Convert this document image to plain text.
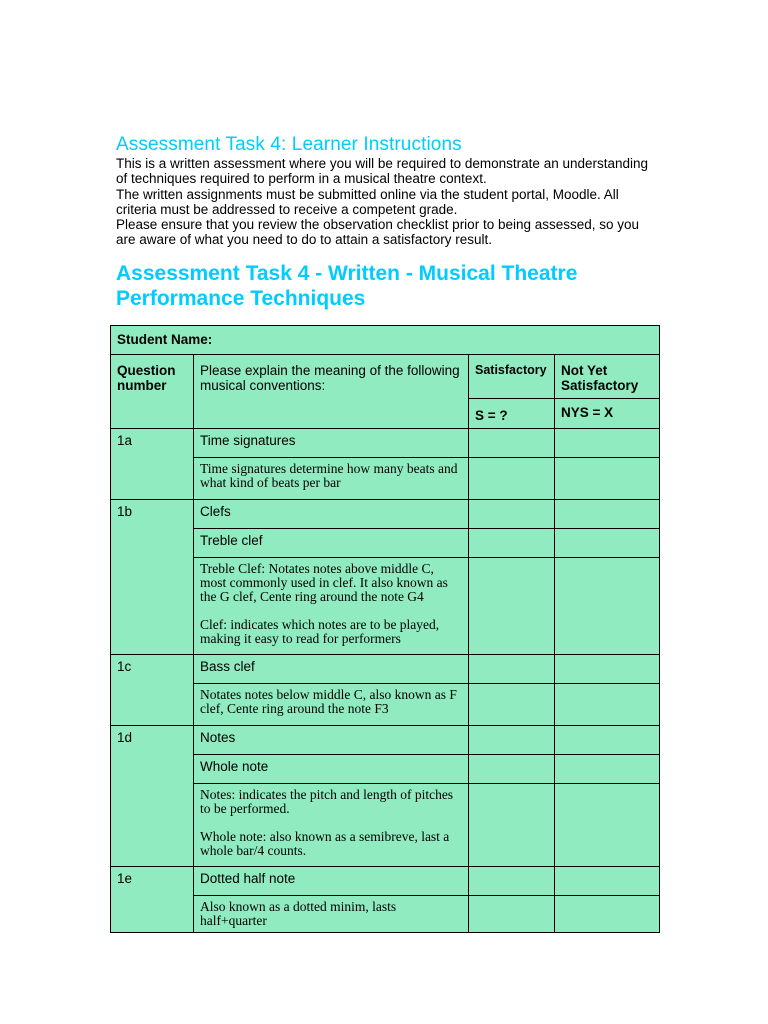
Assessment Task 4: Learner Instructions

This is a written assessment where you will be required to demonstrate an understanding of techniques required to perform in a musical theatre context.

The written assignments must be submitted online via the student portal, Moodle. All criteria must be addressed to receive a competent grade.

Please ensure that you review the observation checklist prior to being assessed, so you are aware of what you need to do to attain a satisfactory result.

Assessment Task 4 - Written - Musical Theatre Performance Techniques
Student Name:			
Question number	Please explain the meaning of the following musical conventions:	Satisfactory	Not Yet Satisfactory
		S = ?	NYS = X
1a	Time signatures		
	Time signatures determine how many beats and what kind of beats per bar		
1b	Clefs		
	Treble clef		

	Treble Clef: Notates notes above middle C, most commonly used in clef. It also known as the G clef, Cente ring around the note G4

Clef: indicates which notes are to be played, making it easy to read for performers		

1c	Bass clef		
	Notates notes below middle C, also known as F clef, Cente ring around the note F3		
1d	Notes		
	Whole note		

	Notes: indicates the pitch and length of pitches to be performed.

Whole note: also known as a semibreve, last a whole bar/4 counts.		

1e	Dotted half note		
	Also known as a dotted minim, lasts half+quarter		
